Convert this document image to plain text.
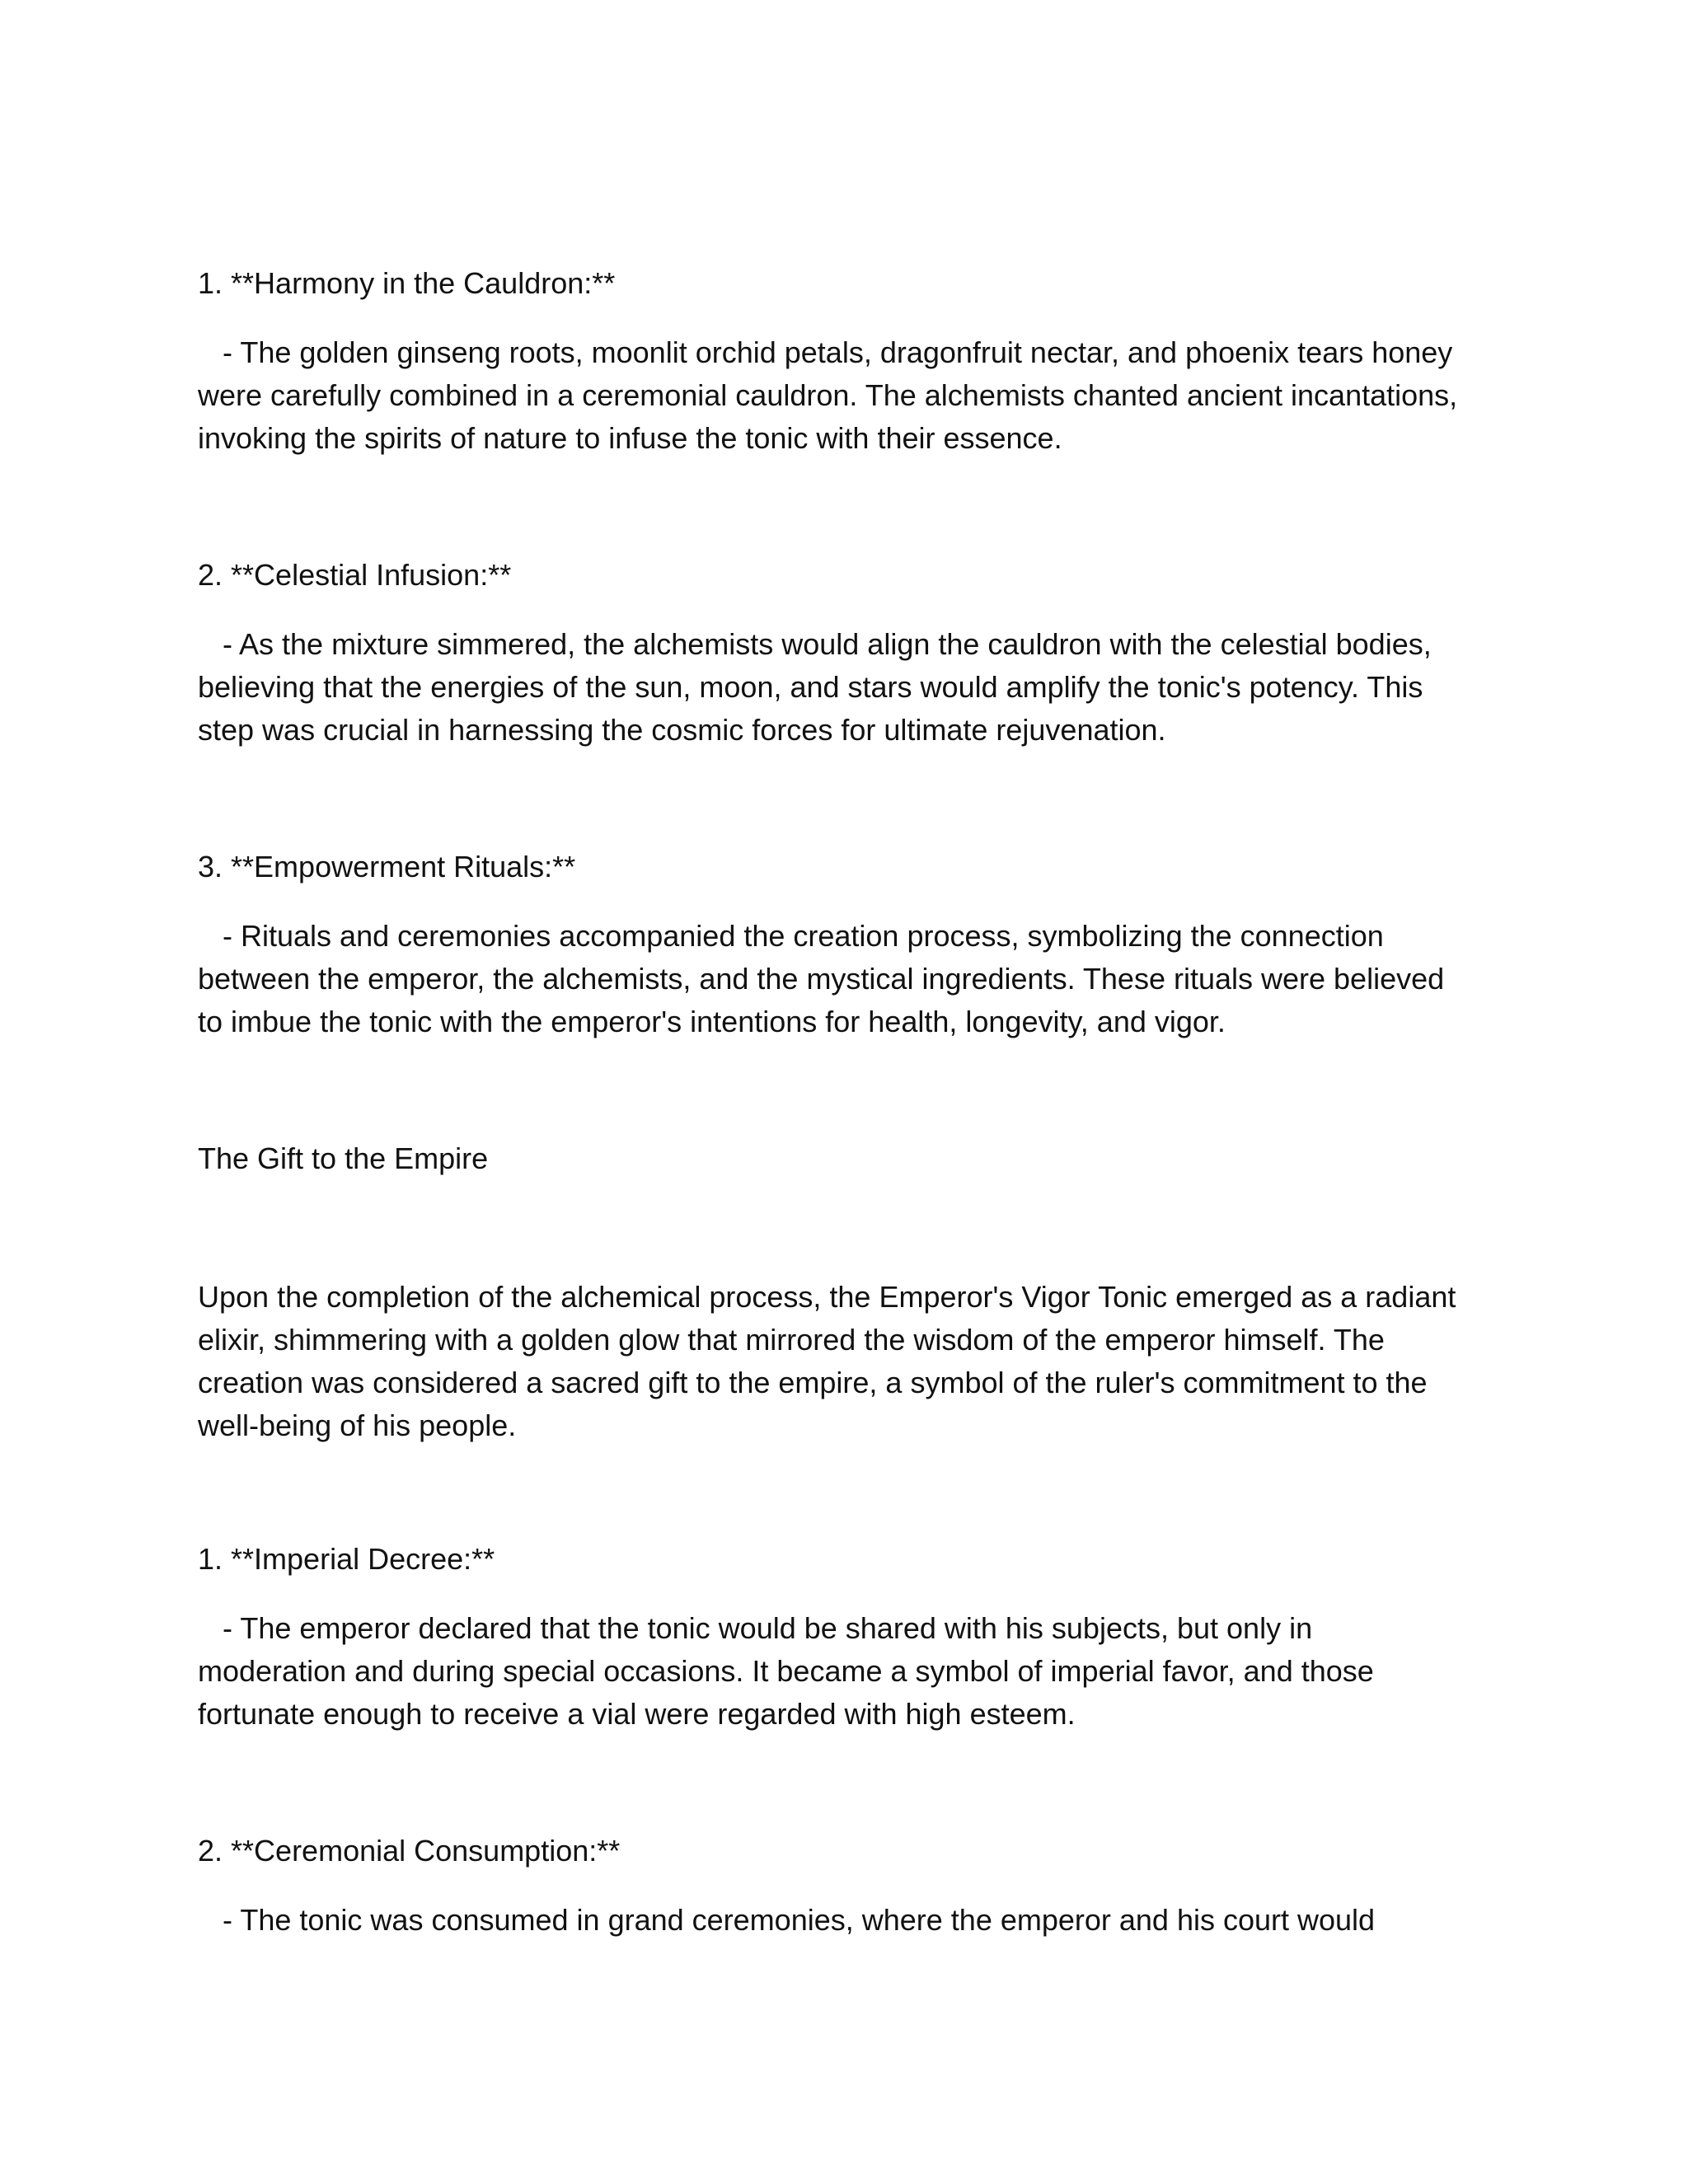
1. **Harmony in the Cauldron:**
- The golden ginseng roots, moonlit orchid petals, dragonfruit nectar, and phoenix tears honey
were carefully combined in a ceremonial cauldron. The alchemists chanted ancient incantations,
invoking the spirits of nature to infuse the tonic with their essence.
2. **Celestial Infusion:**
- As the mixture simmered, the alchemists would align the cauldron with the celestial bodies,
believing that the energies of the sun, moon, and stars would amplify the tonic's potency. This
step was crucial in harnessing the cosmic forces for ultimate rejuvenation.
3. **Empowerment Rituals:**
- Rituals and ceremonies accompanied the creation process, symbolizing the connection
between the emperor, the alchemists, and the mystical ingredients. These rituals were believed
to imbue the tonic with the emperor's intentions for health, longevity, and vigor.
The Gift to the Empire
Upon the completion of the alchemical process, the Emperor's Vigor Tonic emerged as a radiant
elixir, shimmering with a golden glow that mirrored the wisdom of the emperor himself. The
creation was considered a sacred gift to the empire, a symbol of the ruler's commitment to the
well-being of his people.
1. **Imperial Decree:**
- The emperor declared that the tonic would be shared with his subjects, but only in
moderation and during special occasions. It became a symbol of imperial favor, and those
fortunate enough to receive a vial were regarded with high esteem.
2. **Ceremonial Consumption:**
- The tonic was consumed in grand ceremonies, where the emperor and his court would
